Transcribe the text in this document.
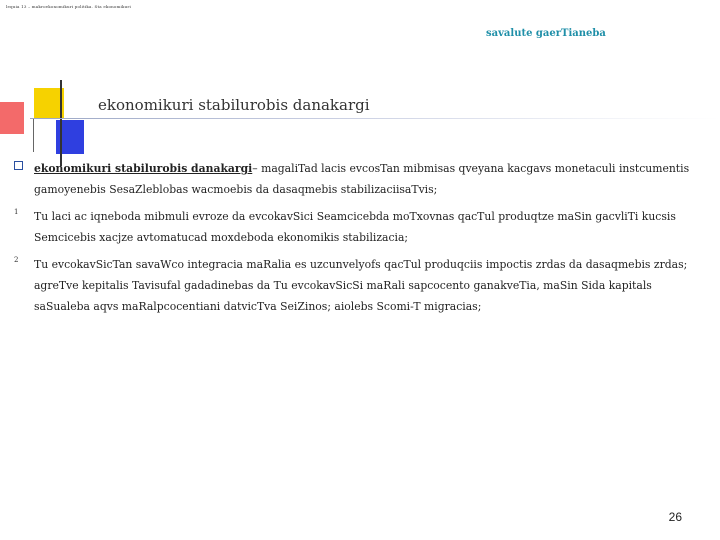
lequia 13 – makroekonomikuri politika. Sta ekonomikuri
savalute gaerTianeba
ekonomikuri stabilurobis danakargi

ekonomikuri stabilurobis danakargi– magaliTad lacis evcosTan mibmisas qveyana kacgavs monetaculi instcumentis gamoyenebis SesaZleblobas wacmoebis da dasaqmebis stabilizaciisaTvis;

1 Tu laci ac iqneboda mibmuli evroze da evcokavSici Seamcicebda moTxovnas qacTul produqtze maSin gacvliTi kucsis Semcicebis xacjze avtomatucad moxdeboda ekonomikis stabilizacia;

2 Tu evcokavSicTan savaWco integracia maRalia es uzcunvelyofs qacTul produqciis impoctis zrdas da dasaqmebis zrdas; agreTve kepitalis Tavisufal gadadinebas da Tu evcokavSicSi maRali sapcocento ganakveTia, maSin Sida kapitals saSualeba aqvs maRalpcocentiani datvicTva SeiZinos; aiolebs Scomi-T migracias;

26
